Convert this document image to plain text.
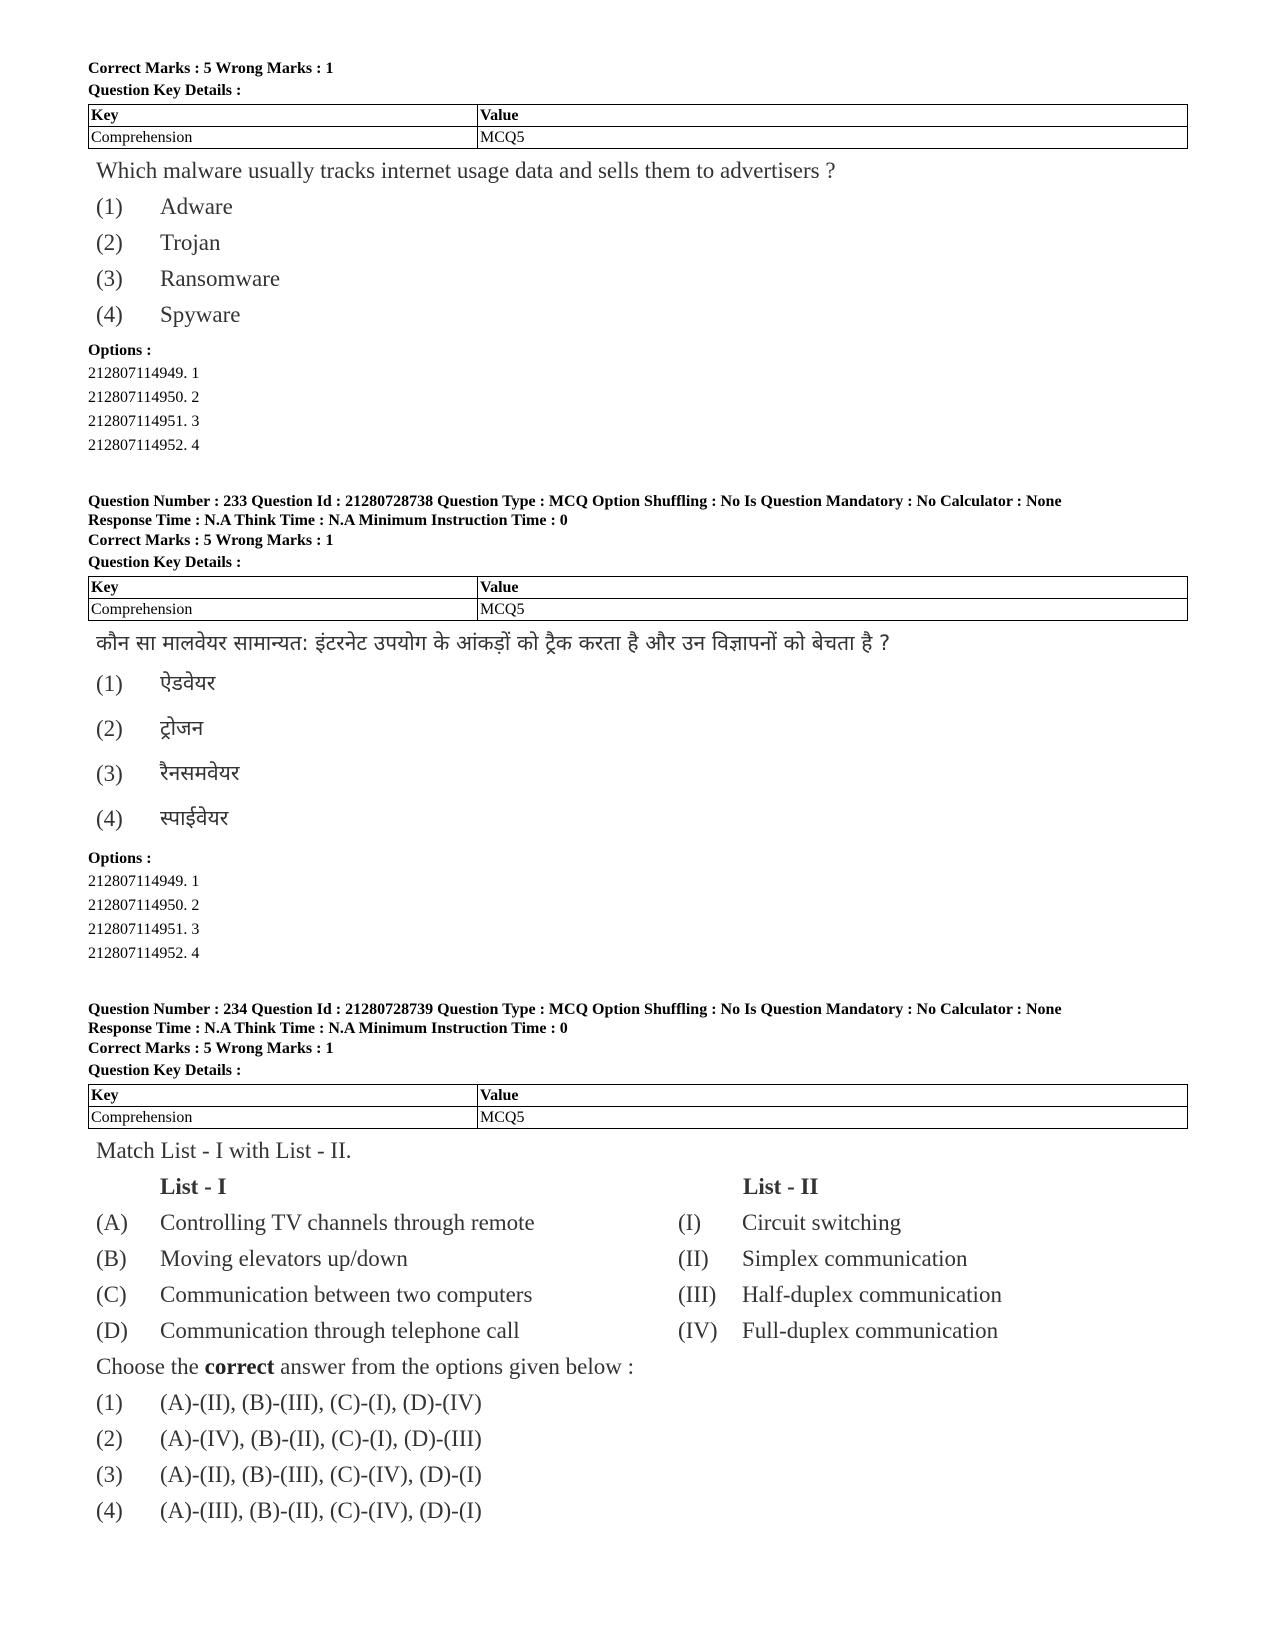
Correct Marks : 5 Wrong Marks : 1
Question Key Details :
Key	Value
Comprehension	MCQ5
Which malware usually tracks internet usage data and sells them to advertisers ?
(1)	Adware
(2)	Trojan
(3)	Ransomware
(4)	Spyware
Options :
212807114949. 1
212807114950. 2
212807114951. 3
212807114952. 4
Question Number : 233 Question Id : 21280728738 Question Type : MCQ Option Shuffling : No Is Question Mandatory : No Calculator : None
Response Time : N.A Think Time : N.A Minimum Instruction Time : 0
Correct Marks : 5 Wrong Marks : 1
Question Key Details :
Key	Value
Comprehension	MCQ5
कौन सा मालवेयर सामान्यत: इंटरनेट उपयोग के आंकड़ों को ट्रैक करता है और उन विज्ञापनों को बेचता है ?
(1)	ऐडवेयर
(2)	ट्रोजन
(3)	रैनसमवेयर
(4)	स्पाईवेयर
Options :
212807114949. 1
212807114950. 2
212807114951. 3
212807114952. 4
Question Number : 234 Question Id : 21280728739 Question Type : MCQ Option Shuffling : No Is Question Mandatory : No Calculator : None
Response Time : N.A Think Time : N.A Minimum Instruction Time : 0
Correct Marks : 5 Wrong Marks : 1
Question Key Details :
Key	Value
Comprehension	MCQ5
Match List - I with List - II.
List - I	List - II
(A)	Controlling TV channels through remote	(I)	Circuit switching
(B)	Moving elevators up/down	(II)	Simplex communication
(C)	Communication between two computers	(III)	Half-duplex communication
(D)	Communication through telephone call	(IV)	Full-duplex communication
Choose the correct answer from the options given below :
(1)	(A)-(II), (B)-(III), (C)-(I), (D)-(IV)
(2)	(A)-(IV), (B)-(II), (C)-(I), (D)-(III)
(3)	(A)-(II), (B)-(III), (C)-(IV), (D)-(I)
(4)	(A)-(III), (B)-(II), (C)-(IV), (D)-(I)
